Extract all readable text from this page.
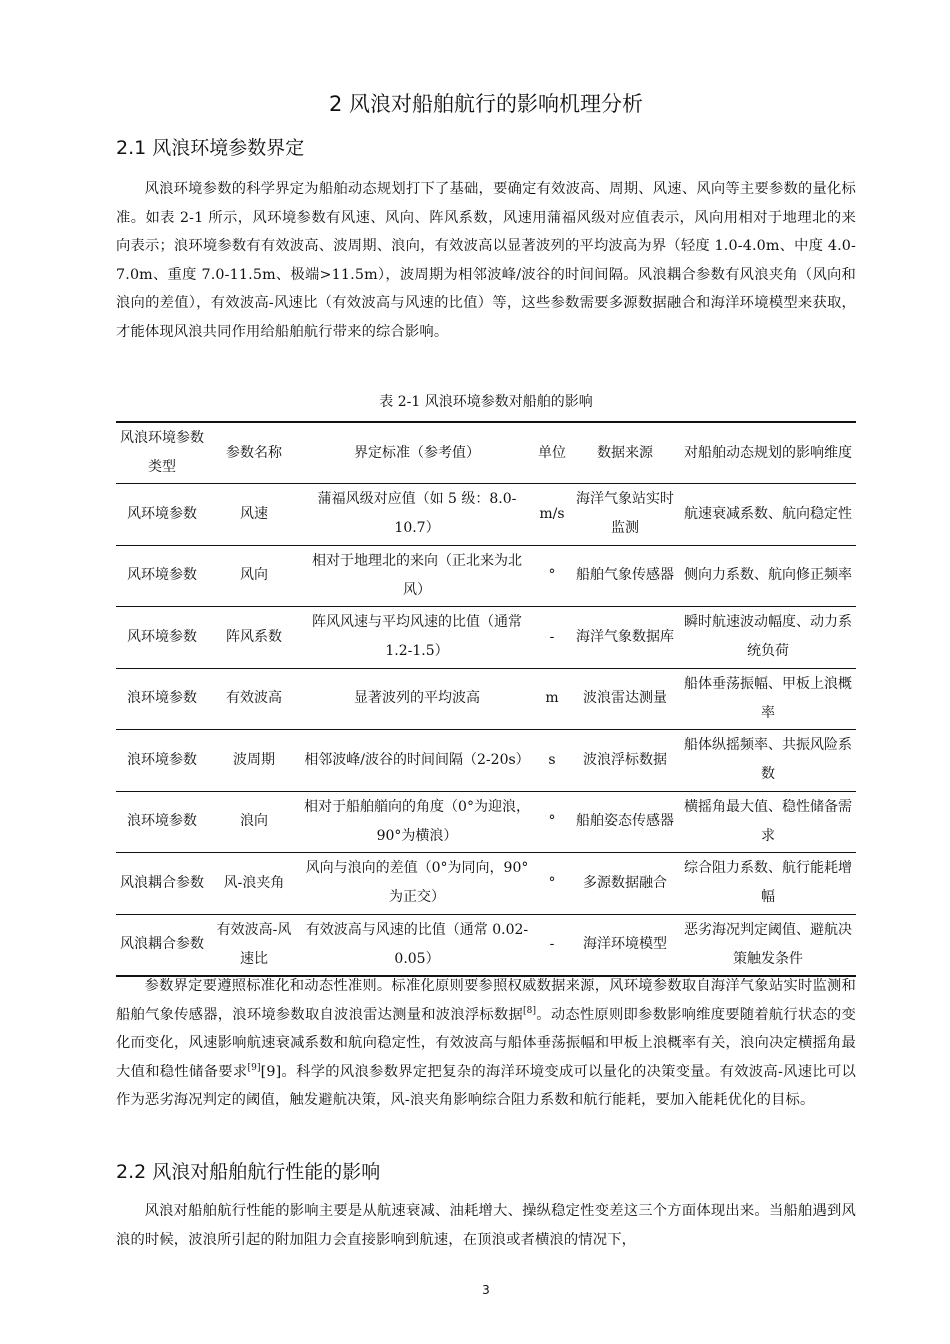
2 风浪对船舶航行的影响机理分析
2.1 风浪环境参数界定

风浪环境参数的科学界定为船舶动态规划打下了基础，要确定有效波高、周期、风速、风向等主要参数的量化标准。如表 2-1 所示，风环境参数有风速、风向、阵风系数，风速用蒲福风级对应值表示，风向用相对于地理北的来向表示；浪环境参数有有效波高、波周期、浪向，有效波高以显著波列的平均波高为界（轻度 1.0-4.0m、中度 4.0-7.0m、重度 7.0-11.5m、极端>11.5m），波周期为相邻波峰/波谷的时间间隔。风浪耦合参数有风浪夹角（风向和浪向的差值），有效波高-风速比（有效波高与风速的比值）等，这些参数需要多源数据融合和海洋环境模型来获取，才能体现风浪共同作用给船舶航行带来的综合影响。

表 2-1 风浪环境参数对船舶的影响
风浪环境参数类型	参数名称	界定标准（参考值）	单位	数据来源	对船舶动态规划的影响维度
风环境参数	风速	蒲福风级对应值（如 5 级：8.0-10.7）	m/s	海洋气象站实时监测	航速衰减系数、航向稳定性
风环境参数	风向	相对于地理北的来向（正北来为北风）	°	船舶气象传感器	侧向力系数、航向修正频率
风环境参数	阵风系数	阵风风速与平均风速的比值（通常 1.2-1.5）	-	海洋气象数据库	瞬时航速波动幅度、动力系统负荷
浪环境参数	有效波高	显著波列的平均波高	m	波浪雷达测量	船体垂荡振幅、甲板上浪概率
浪环境参数	波周期	相邻波峰/波谷的时间间隔（2-20s）	s	波浪浮标数据	船体纵摇频率、共振风险系数
浪环境参数	浪向	相对于船舶艏向的角度（0°为迎浪，90°为横浪）	°	船舶姿态传感器	横摇角最大值、稳性储备需求
风浪耦合参数	风-浪夹角	风向与浪向的差值（0°为同向，90°为正交）	°	多源数据融合	综合阻力系数、航行能耗增幅
风浪耦合参数	有效波高-风速比	有效波高与风速的比值（通常 0.02-0.05）	-	海洋环境模型	恶劣海况判定阈值、避航决策触发条件

参数界定要遵照标准化和动态性准则。标准化原则要参照权威数据来源，风环境参数取自海洋气象站实时监测和船舶气象传感器，浪环境参数取自波浪雷达测量和波浪浮标数据[8]。动态性原则即参数影响维度要随着航行状态的变化而变化，风速影响航速衰减系数和航向稳定性，有效波高与船体垂荡振幅和甲板上浪概率有关，浪向决定横摇角最大值和稳性储备要求[9][9]。科学的风浪参数界定把复杂的海洋环境变成可以量化的决策变量。有效波高-风速比可以作为恶劣海况判定的阈值，触发避航决策，风-浪夹角影响综合阻力系数和航行能耗，要加入能耗优化的目标。

2.2 风浪对船舶航行性能的影响

风浪对船舶航行性能的影响主要是从航速衰减、油耗增大、操纵稳定性变差这三个方面体现出来。当船舶遇到风浪的时候，波浪所引起的附加阻力会直接影响到航速，在顶浪或者横浪的情况下，

3
